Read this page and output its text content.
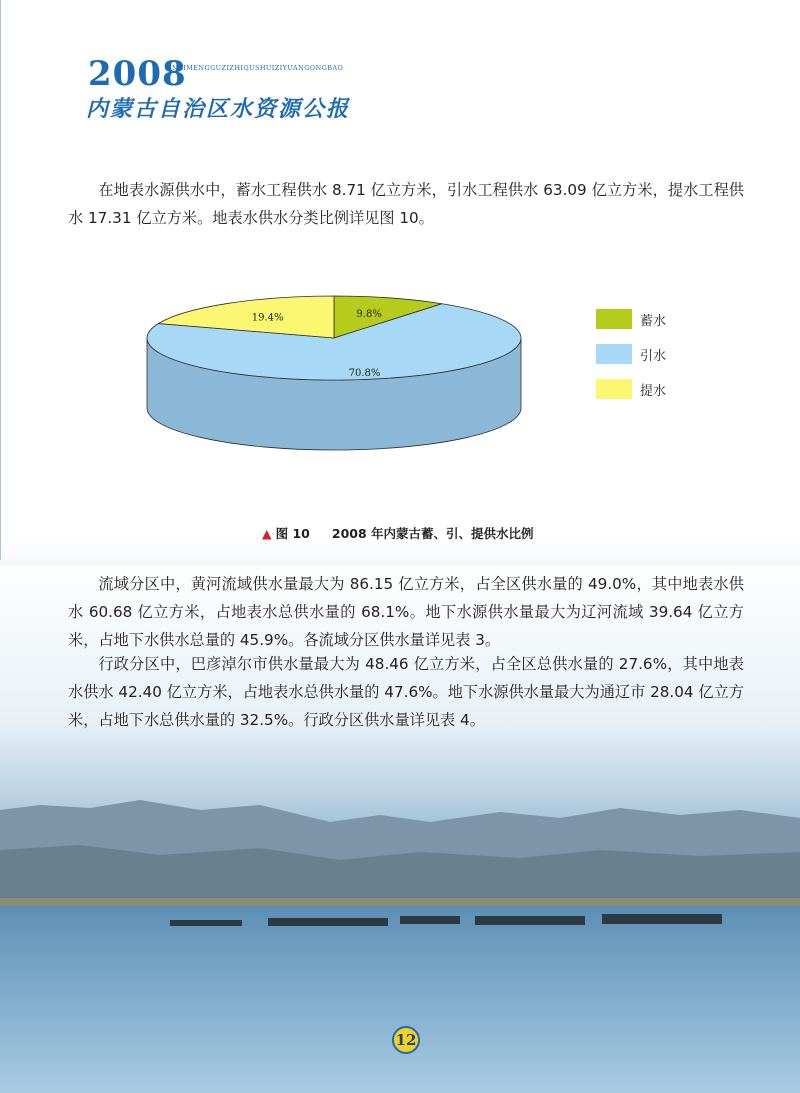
2008
NEIMENGGUZIZHIQUSHUIZIYUANGONGBAO
内蒙古自治区水资源公报
在地表水源供水中，蓄水工程供水 8.71 亿立方米，引水工程供水 63.09 亿立方米，提水工程供水 17.31 亿立方米。地表水供水分类比例详见图 10。
9.8%
70.8%
19.4%	蓄水
引水
提水
▲ 图 10 2008 年内蒙古蓄、引、提供水比例
流域分区中，黄河流域供水量最大为 86.15 亿立方米，占全区供水量的 49.0%，其中地表水供水 60.68 亿立方米，占地表水总供水量的 68.1%。地下水源供水量最大为辽河流域 39.64 亿立方米，占地下水供水总量的 45.9%。各流域分区供水量详见表 3。
行政分区中，巴彦淖尔市供水量最大为 48.46 亿立方米，占全区总供水量的 27.6%，其中地表水供水 42.40 亿立方米，占地表水总供水量的 47.6%。地下水源供水量最大为通辽市 28.04 亿立方米，占地下水总供水量的 32.5%。行政分区供水量详见表 4。
12
